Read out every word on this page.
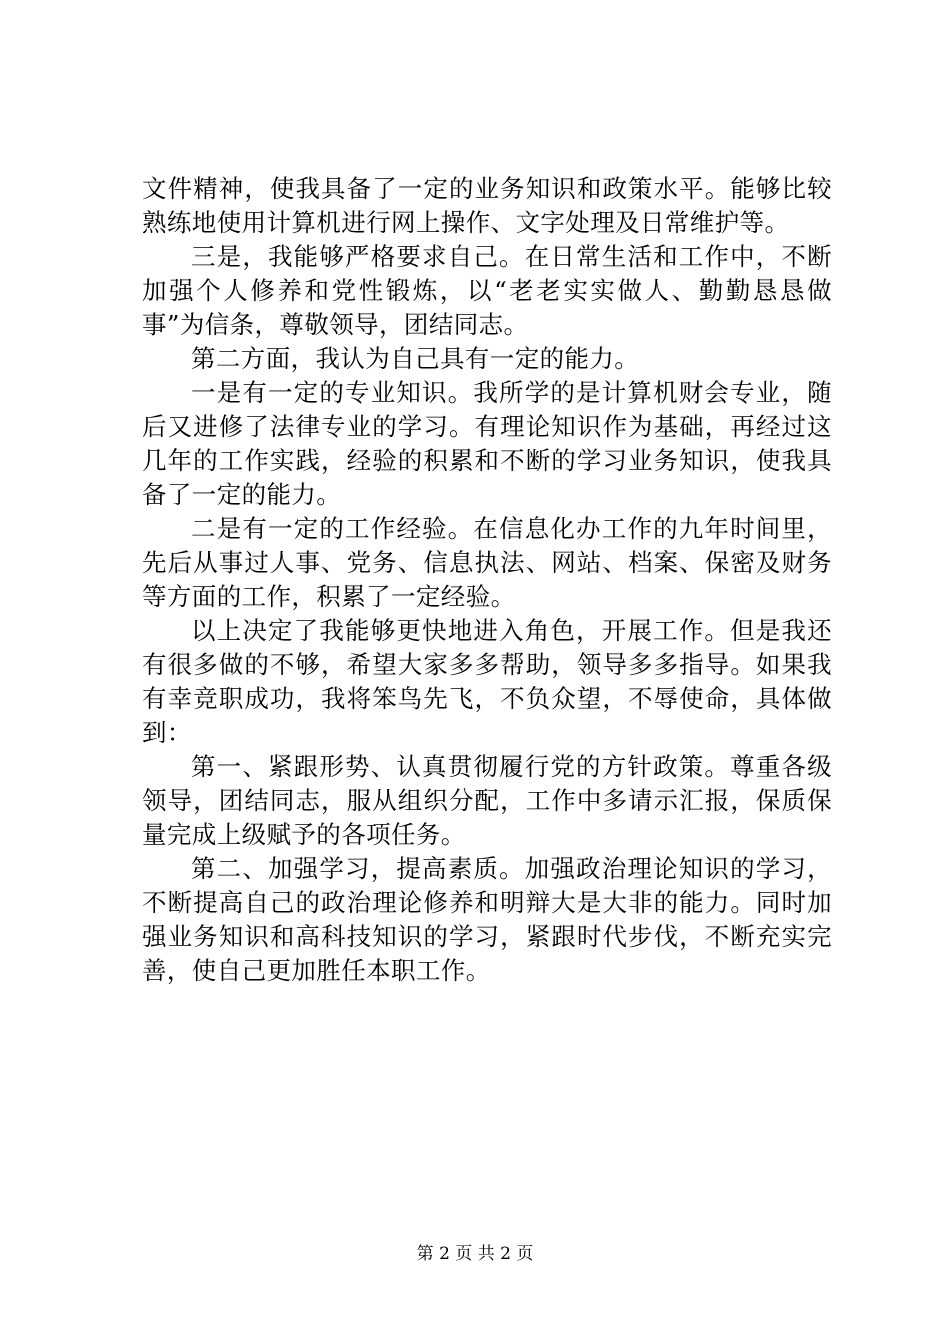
文件精神，使我具备了一定的业务知识和政策水平。能够比较熟练地使用计算机进行网上操作、文字处理及日常维护等。

三是，我能够严格要求自己。在日常生活和工作中，不断加强个人修养和党性锻炼，以“老老实实做人、勤勤恳恳做事”为信条，尊敬领导，团结同志。

第二方面，我认为自己具有一定的能力。

一是有一定的专业知识。我所学的是计算机财会专业，随后又进修了法律专业的学习。有理论知识作为基础，再经过这几年的工作实践，经验的积累和不断的学习业务知识，使我具备了一定的能力。

二是有一定的工作经验。在信息化办工作的九年时间里，先后从事过人事、党务、信息执法、网站、档案、保密及财务等方面的工作，积累了一定经验。

以上决定了我能够更快地进入角色，开展工作。但是我还有很多做的不够，希望大家多多帮助，领导多多指导。如果我有幸竞职成功，我将笨鸟先飞，不负众望，不辱使命，具体做到：

第一、紧跟形势、认真贯彻履行党的方针政策。尊重各级领导，团结同志，服从组织分配，工作中多请示汇报，保质保量完成上级赋予的各项任务。

第二、加强学习，提高素质。加强政治理论知识的学习，不断提高自己的政治理论修养和明辩大是大非的能力。同时加强业务知识和高科技知识的学习，紧跟时代步伐，不断充实完善，使自己更加胜任本职工作。

第 2 页 共 2 页
